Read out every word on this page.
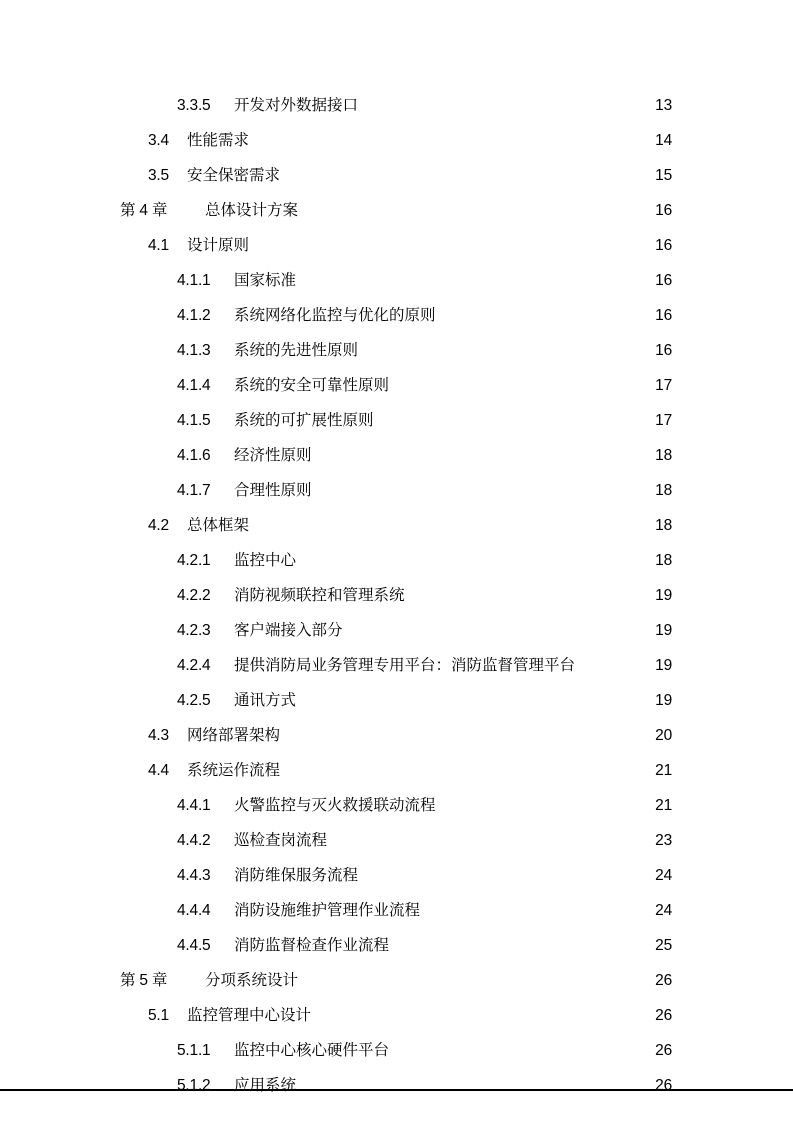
3.3.5	开发对外数据接口 .....	13
3.4	性能需求 .....	14
3.5	安全保密需求 .....	15
第 4 章	总体设计方案 .....	16
4.1	设计原则 .....	16
4.1.1	国家标准 .....	16
4.1.2	系统网络化监控与优化的原则 .....	16
4.1.3	系统的先进性原则 .....	16
4.1.4	系统的安全可靠性原则 .....	17
4.1.5	系统的可扩展性原则 .....	17
4.1.6	经济性原则 .....	18
4.1.7	合理性原则 .....	18
4.2	总体框架 .....	18
4.2.1	监控中心 .....	18
4.2.2	消防视频联控和管理系统 .....	19
4.2.3	客户端接入部分 .....	19
4.2.4	提供消防局业务管理专用平台：消防监督管理平台 .....	19
4.2.5	通讯方式 .....	19
4.3	网络部署架构 .....	20
4.4	系统运作流程 .....	21
4.4.1	火警监控与灭火救援联动流程 .....	21
4.4.2	巡检查岗流程 .....	23
4.4.3	消防维保服务流程 .....	24
4.4.4	消防设施维护管理作业流程 .....	24
4.4.5	消防监督检查作业流程 .....	25
第 5 章	分项系统设计 .....	26
5.1	监控管理中心设计 .....	26
5.1.1	监控中心核心硬件平台 .....	26
5.1.2	应用系统 .....	26
